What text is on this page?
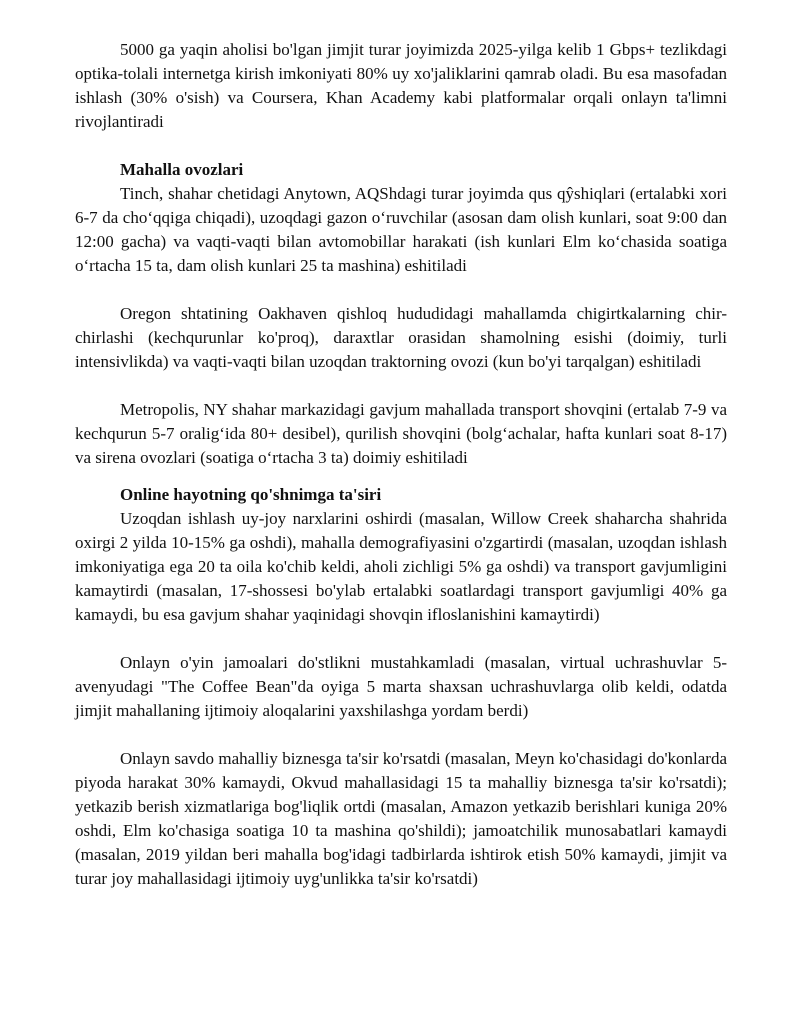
5000 ga yaqin aholisi bo'lgan jimjit turar joyimizda 2025-yilga kelib 1 Gbps+ tezlikdagi optika-tolali internetga kirish imkoniyati 80% uy xo'jaliklarini qamrab oladi. Bu esa masofadan ishlash (30% o'sish) va Coursera, Khan Academy kabi platformalar orqali onlayn ta'limni rivojlantiradi

Mahalla ovozlari

Tinch, shahar chetidagi Anytown, AQShdagi turar joyimda qus qŷshiqlari (ertalabki xori 6-7 da cho‘qqiga chiqadi), uzoqdagi gazon o‘ruvchilar (asosan dam olish kunlari, soat 9:00 dan 12:00 gacha) va vaqti-vaqti bilan avtomobillar harakati (ish kunlari Elm ko‘chasida soatiga o‘rtacha 15 ta, dam olish kunlari 25 ta mashina) eshitiladi

Oregon shtatining Oakhaven qishloq hududidagi mahallamda chigirtkalarning chir-chirlashi (kechqurunlar ko'proq), daraxtlar orasidan shamolning esishi (doimiy, turli intensivlikda) va vaqti-vaqti bilan uzoqdan traktorning ovozi (kun bo'yi tarqalgan) eshitiladi

Metropolis, NY shahar markazidagi gavjum mahallada transport shovqini (ertalab 7-9 va kechqurun 5-7 oralig‘ida 80+ desibel), qurilish shovqini (bolg‘achalar, hafta kunlari soat 8-17) va sirena ovozlari (soatiga o‘rtacha 3 ta) doimiy eshitiladi

Online hayotning qo'shnimga ta'siri

Uzoqdan ishlash uy-joy narxlarini oshirdi (masalan, Willow Creek shaharcha shahrida oxirgi 2 yilda 10-15% ga oshdi), mahalla demografiyasini o'zgartirdi (masalan, uzoqdan ishlash imkoniyatiga ega 20 ta oila ko'chib keldi, aholi zichligi 5% ga oshdi) va transport gavjumligini kamaytirdi (masalan, 17-shossesi bo'ylab ertalabki soatlardagi transport gavjumligi 40% ga kamaydi, bu esa gavjum shahar yaqinidagi shovqin ifloslanishini kamaytirdi)

Onlayn o'yin jamoalari do'stlikni mustahkamladi (masalan, virtual uchrashuvlar 5-avenyudagi "The Coffee Bean"da oyiga 5 marta shaxsan uchrashuvlarga olib keldi, odatda jimjit mahallaning ijtimoiy aloqalarini yaxshilashga yordam berdi)

Onlayn savdo mahalliy biznesga ta'sir ko'rsatdi (masalan, Meyn ko'chasidagi do'konlarda piyoda harakat 30% kamaydi, Okvud mahallasidagi 15 ta mahalliy biznesga ta'sir ko'rsatdi); yetkazib berish xizmatlariga bog'liqlik ortdi (masalan, Amazon yetkazib berishlari kuniga 20% oshdi, Elm ko'chasiga soatiga 10 ta mashina qo'shildi); jamoatchilik munosabatlari kamaydi (masalan, 2019 yildan beri mahalla bog'idagi tadbirlarda ishtirok etish 50% kamaydi, jimjit va turar joy mahallasidagi ijtimoiy uyg'unlikka ta'sir ko'rsatdi)
